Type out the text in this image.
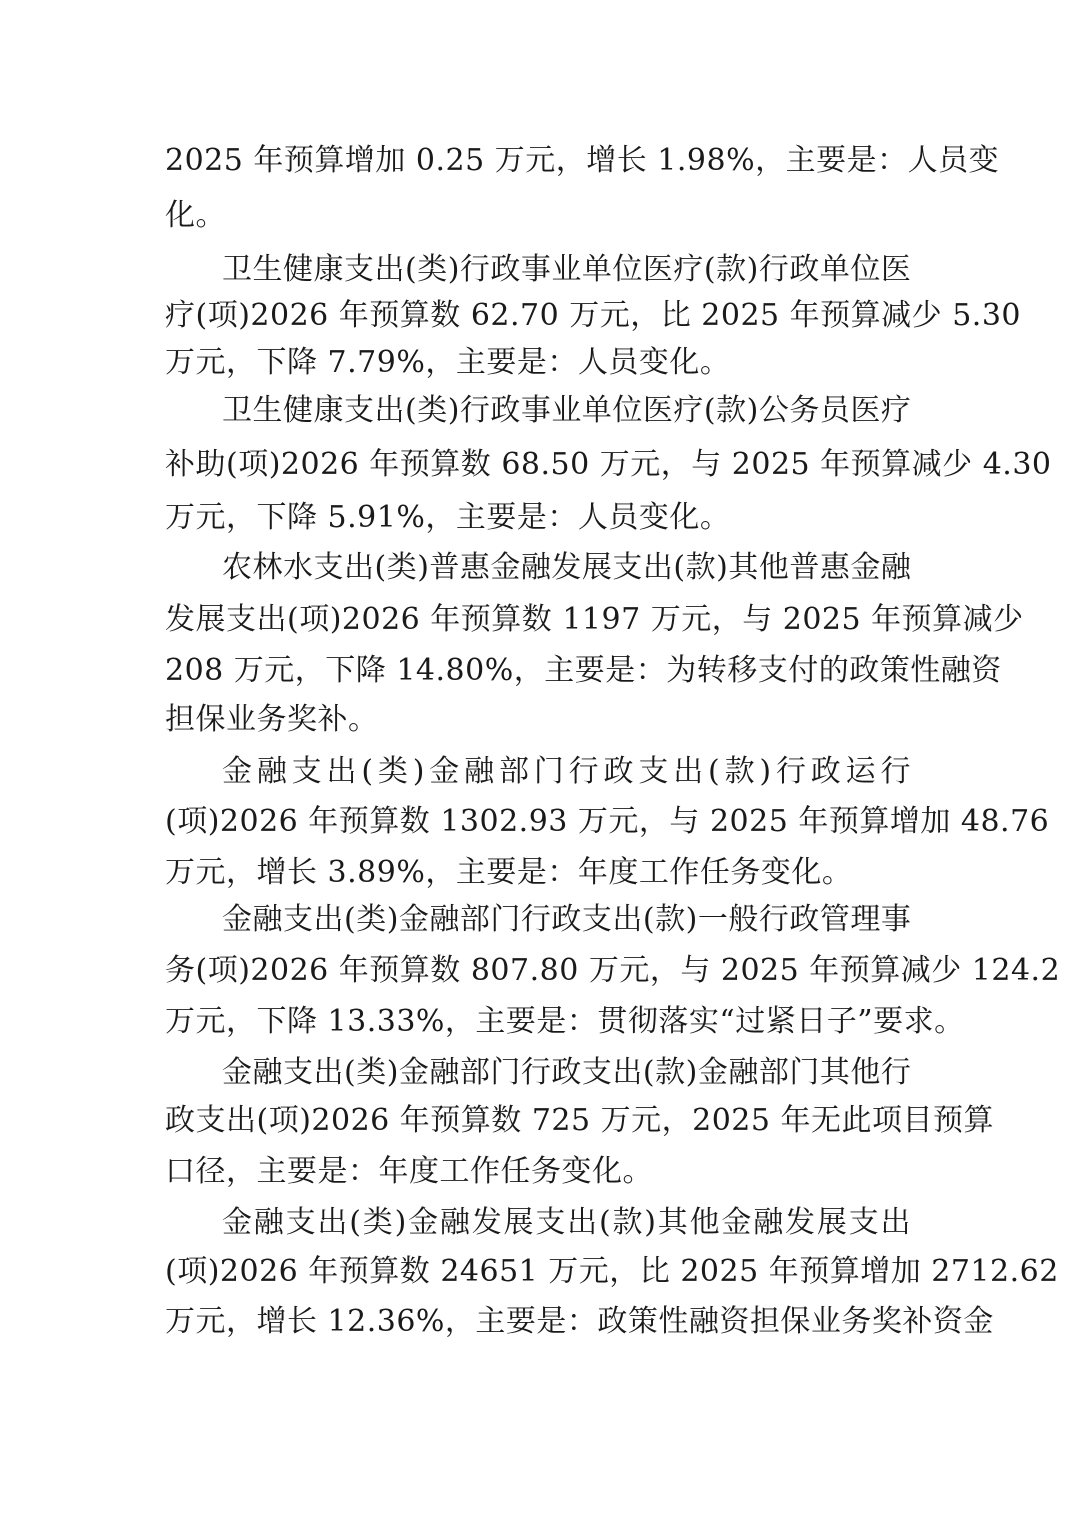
2025 年预算增加 0.25 万元，增长 1.98%，主要是：人员变
化。
卫生健康支出(类)行政事业单位医疗(款)行政单位医
疗(项)2026 年预算数 62.70 万元，比 2025 年预算减少 5.30
万元，下降 7.79%，主要是：人员变化。
卫生健康支出(类)行政事业单位医疗(款)公务员医疗
补助(项)2026 年预算数 68.50 万元，与 2025 年预算减少 4.30
万元，下降 5.91%，主要是：人员变化。
农林水支出(类)普惠金融发展支出(款)其他普惠金融
发展支出(项)2026 年预算数 1197 万元，与 2025 年预算减少
208 万元，下降 14.80%，主要是：为转移支付的政策性融资
担保业务奖补。
金融支出(类)金融部门行政支出(款)行政运行
(项)2026 年预算数 1302.93 万元，与 2025 年预算增加 48.76
万元，增长 3.89%，主要是：年度工作任务变化。
金融支出(类)金融部门行政支出(款)一般行政管理事
务(项)2026 年预算数 807.80 万元，与 2025 年预算减少 124.2
万元，下降 13.33%，主要是：贯彻落实“过紧日子”要求。
金融支出(类)金融部门行政支出(款)金融部门其他行
政支出(项)2026 年预算数 725 万元，2025 年无此项目预算
口径，主要是：年度工作任务变化。
金融支出(类)金融发展支出(款)其他金融发展支出
(项)2026 年预算数 24651 万元，比 2025 年预算增加 2712.62
万元，增长 12.36%，主要是：政策性融资担保业务奖补资金
